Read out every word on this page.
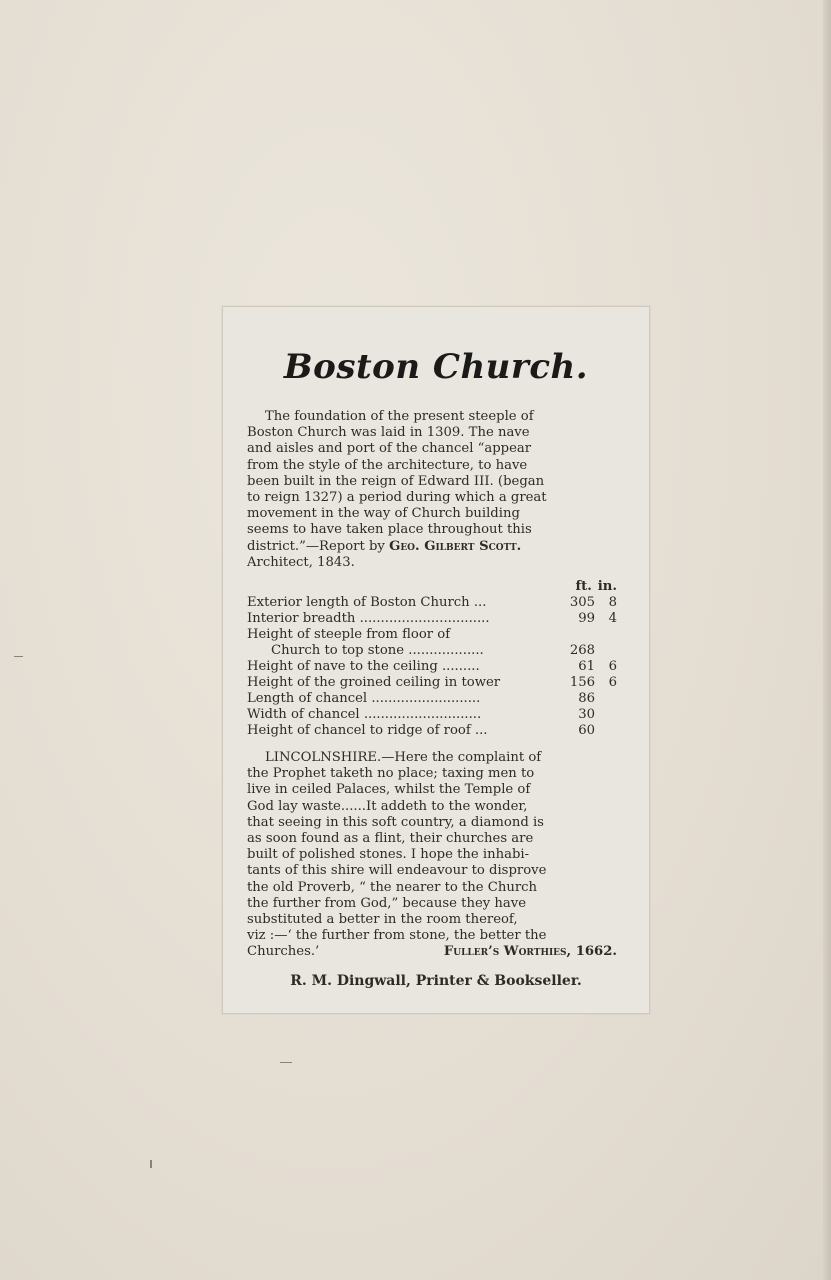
Boston Church.
The foundation of the present steeple of
Boston Church was laid in 1309. The nave
and aisles and port of the chancel “appear
from the style of the architecture, to have
been built in the reign of Edward III. (began
to reign 1327) a period during which a great
movement in the way of Church building
seems to have taken place throughout this
district.”—Report by Geo. Gilbert Scott.
Architect, 1843.
ft. in.
Exterior length of Boston Church ...	305	8
Interior breadth ...............................	99	4
Height of steeple from floor of
Church to top stone ..................	268
Height of nave to the ceiling .........	61	6
Height of the groined ceiling in tower	156	6
Length of chancel ..........................	86
Width of chancel ............................	30
Height of chancel to ridge of roof ...	60
LINCOLNSHIRE.—Here the complaint of
the Prophet taketh no place; taxing men to
live in ceiled Palaces, whilst the Temple of
God lay waste......It addeth to the wonder,
that seeing in this soft country, a diamond is
as soon found as a flint, their churches are
built of polished stones. I hope the inhabi-
tants of this shire will endeavour to disprove
the old Proverb, “ the nearer to the Church
the further from God,” because they have
substituted a better in the room thereof,
viz :—‘ the further from stone, the better the
Churches.’	Fuller’s Worthies, 1662.
R. M. Dingwall, Printer & Bookseller.
